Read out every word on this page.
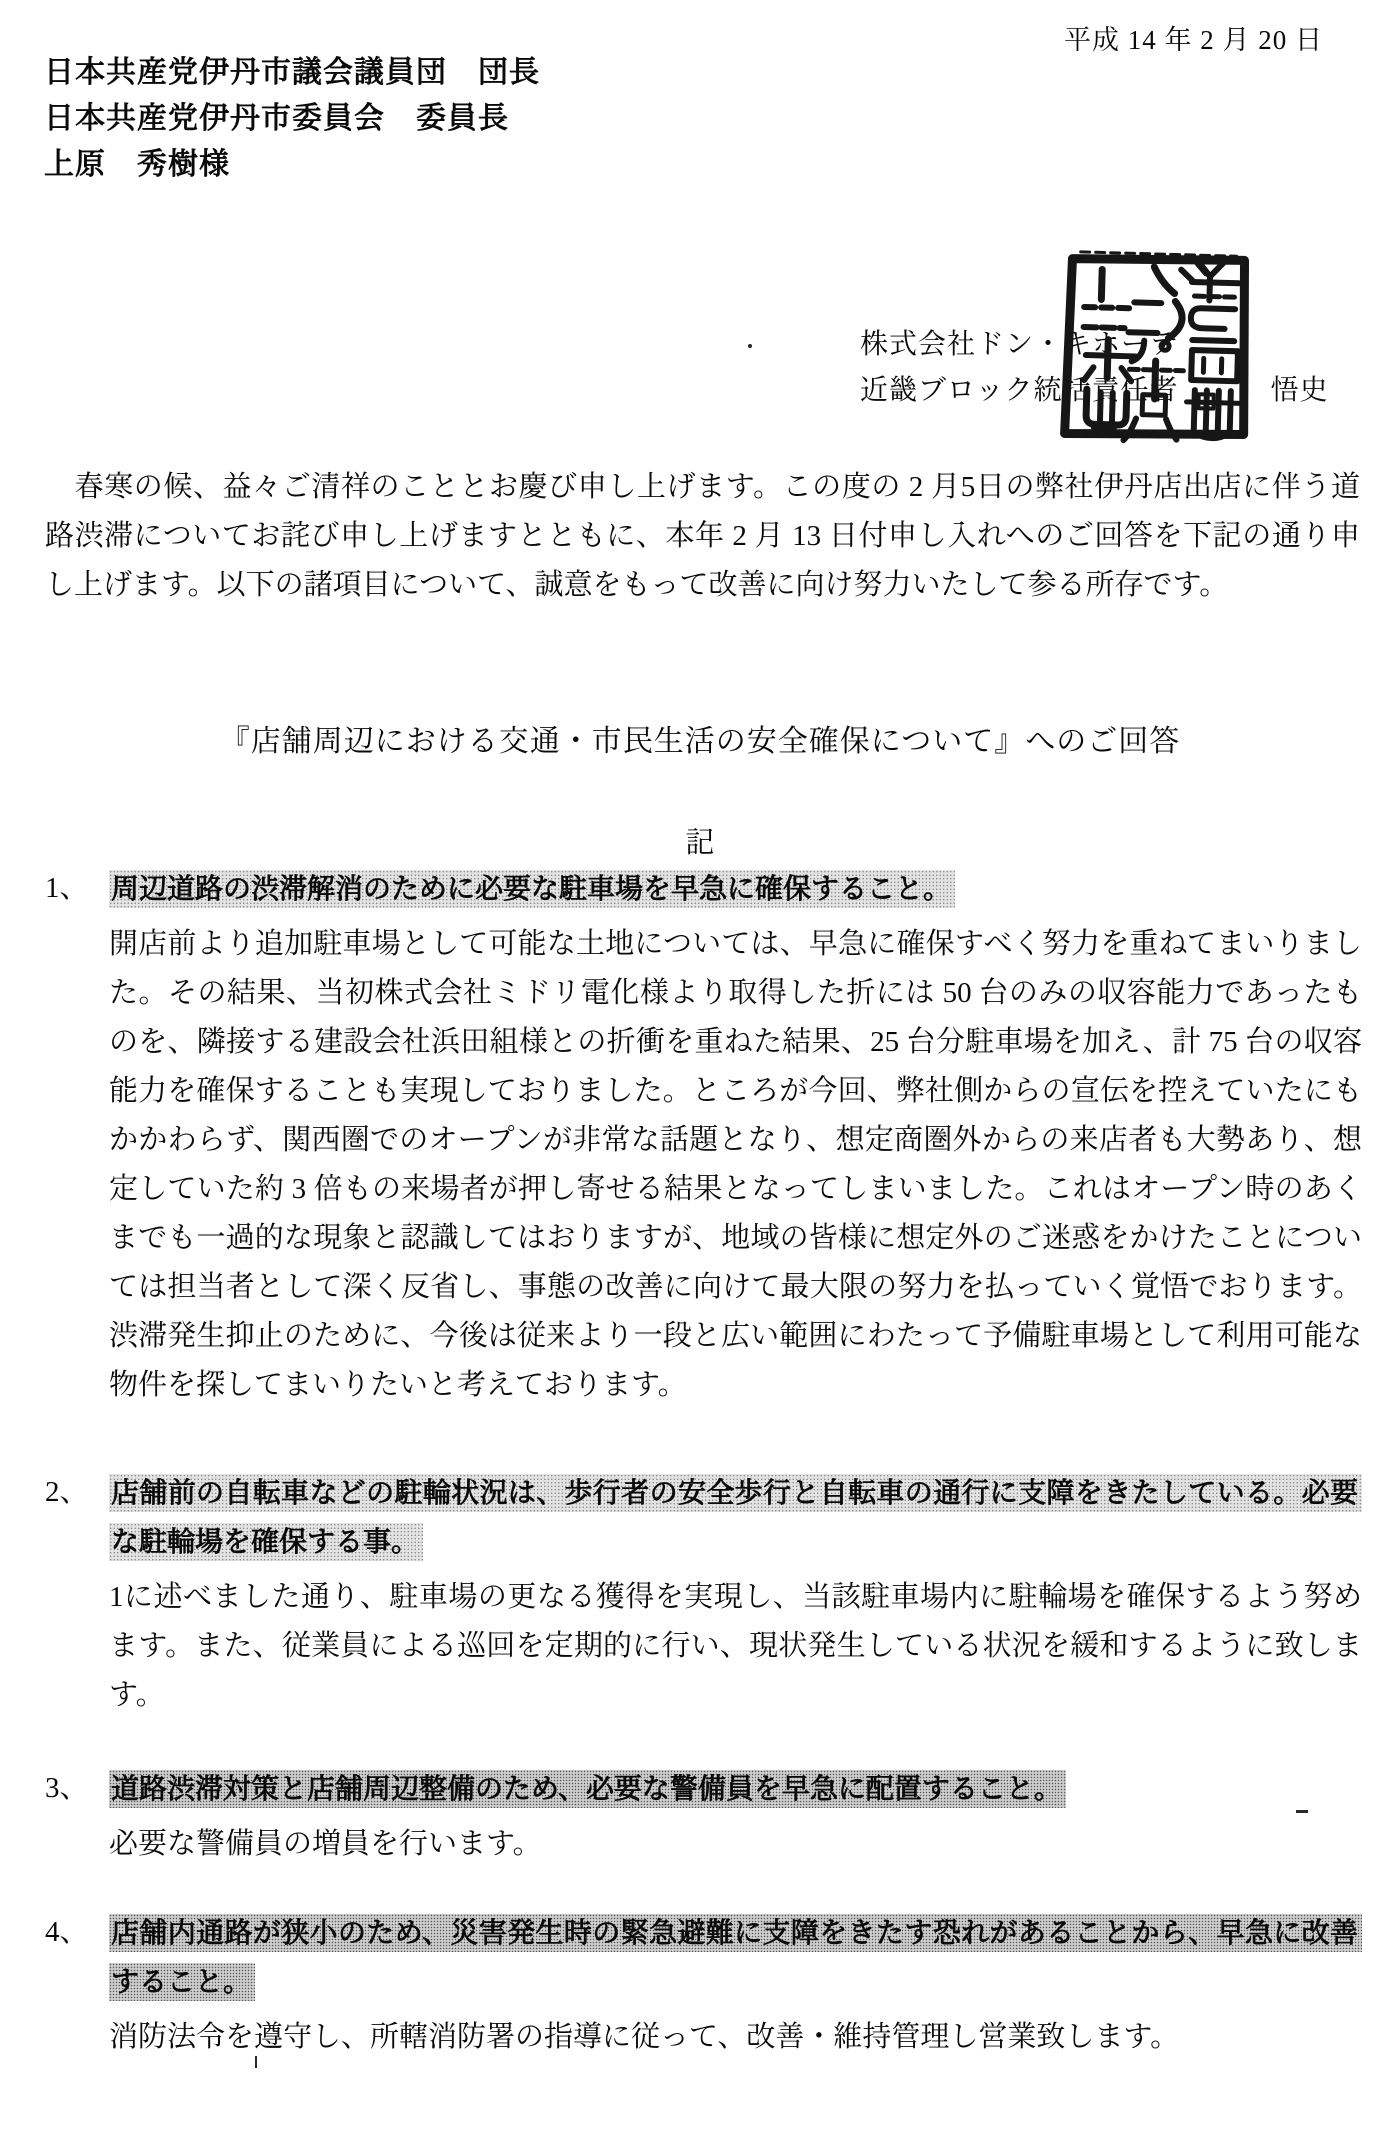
平成 14 年 2 月 20 日
日本共産党伊丹市議会議員団　団長
日本共産党伊丹市委員会　委員長
上原　秀樹様
株式会社ドン・キホーテ
近畿ブロック統括責任者	悟史
　春寒の候、益々ご清祥のこととお慶び申し上げます。この度の 2 月5日の弊社伊丹店出店に伴う道路渋滞についてお詫び申し上げますとともに、本年 2 月 13 日付申し入れへのご回答を下記の通り申し上げます。以下の諸項目について、誠意をもって改善に向け努力いたして参る所存です。
『店舗周辺における交通・市民生活の安全確保について』へのご回答
記
1、 周辺道路の渋滞解消のために必要な駐車場を早急に確保すること。
開店前より追加駐車場として可能な土地については、早急に確保すべく努力を重ねてまいりました。その結果、当初株式会社ミドリ電化様より取得した折には 50 台のみの収容能力であったものを、隣接する建設会社浜田組様との折衝を重ねた結果、25 台分駐車場を加え、計 75 台の収容能力を確保することも実現しておりました。ところが今回、弊社側からの宣伝を控えていたにもかかわらず、関西圏でのオープンが非常な話題となり、想定商圏外からの来店者も大勢あり、想定していた約 3 倍もの来場者が押し寄せる結果となってしまいました。これはオープン時のあくまでも一過的な現象と認識してはおりますが、地域の皆様に想定外のご迷惑をかけたことについては担当者として深く反省し、事態の改善に向けて最大限の努力を払っていく覚悟でおります。渋滞発生抑止のために、今後は従来より一段と広い範囲にわたって予備駐車場として利用可能な物件を探してまいりたいと考えております。
2、 店舗前の自転車などの駐輪状況は、歩行者の安全歩行と自転車の通行に支障をきたしている。必要な駐輪場を確保する事。
1に述べました通り、駐車場の更なる獲得を実現し、当該駐車場内に駐輪場を確保するよう努めます。また、従業員による巡回を定期的に行い、現状発生している状況を緩和するように致します。
3、 道路渋滞対策と店舗周辺整備のため、必要な警備員を早急に配置すること。
必要な警備員の増員を行います。
4、 店舗内通路が狭小のため、災害発生時の緊急避難に支障をきたす恐れがあることから、早急に改善すること。
消防法令を遵守し、所轄消防署の指導に従って、改善・維持管理し営業致します。
